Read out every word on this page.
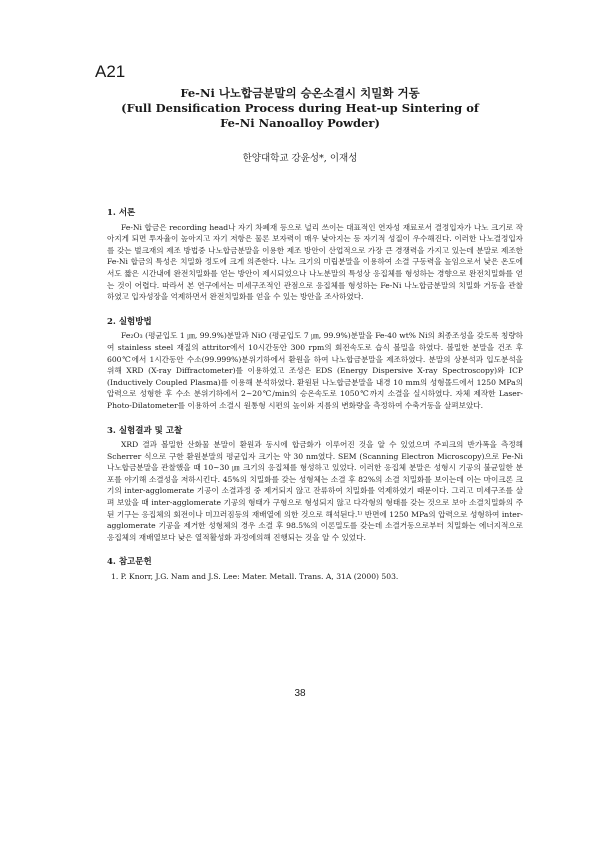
A21
Fe-Ni 나노합금분말의 승온소결시 치밀화 거동
(Full Densification Process during Heat-up Sintering of
Fe-Ni Nanoalloy Powder)
한양대학교 강윤성*, 이재성
1. 서론

Fe-Ni 합금은 recording head나 자기 차폐재 등으로 널리 쓰이는 대표적인 연자성 재료로서 결정입자가 나노 크기로 작아지게 되면 투자율이 높아지고 자기 저항은 물론 보자력이 매우 낮아지는 등 자기적 성질이 우수해진다. 이러한 나노결정입자를 갖는 벌크재의 제조 방법중 나노합금분말을 이용한 제조 방안이 산업적으로 가장 큰 경쟁력을 가지고 있는데 분말로 제조한 Fe-Ni 합금의 특성은 치밀화 정도에 크게 의존한다. 나노 크기의 미립분말을 이용하여 소결 구동력을 높임으로서 낮은 온도에서도 짧은 시간내에 완전치밀화를 얻는 방안이 제시되었으나 나노분말의 특성상 응집체를 형성하는 경향으로 완전치밀화를 얻는 것이 어렵다. 따라서 본 연구에서는 미세구조적인 관점으로 응집체를 형성하는 Fe-Ni 나노합금분말의 치밀화 거동을 관찰하였고 입자성장을 억제하면서 완전치밀화를 얻을 수 있는 방안을 조사하였다.

2. 실험방법

Fe₂O₃ (평균입도 1 ㎛, 99.9%)분말과 NiO (평균입도 7 ㎛, 99.9%)분말을 Fe-40 wt% Ni의 최종조성을 갖도록 칭량하여 stainless steel 재질의 attritor에서 10시간동안 300 rpm의 회전속도로 습식 볼밀을 하였다. 볼밀한 분말을 건조 후 600℃에서 1시간동안 수소(99.999%)분위기하에서 환원을 하여 나노합금분말을 제조하였다. 분말의 상분석과 입도분석을 위해 XRD (X-ray Diffractometer)를 이용하였고 조성은 EDS (Energy Dispersive X-ray Spectroscopy)와 ICP (Inductively Coupled Plasma)를 이용해 분석하였다. 환원된 나노합금분말을 내경 10 mm의 성형몰드에서 1250 MPa의 압력으로 성형한 후 수소 분위기하에서 2~20℃/min의 승온속도로 1050℃까지 소결을 실시하였다. 자체 제작한 Laser-Photo-Dilatometer를 이용하여 소결시 원통형 시편의 높이와 지름의 변화량을 측정하여 수축거동을 살펴보았다.

3. 실험결과 및 고찰

XRD 결과 볼밀한 산화물 분말이 환원과 동시에 합금화가 이루어진 것을 알 수 있었으며 주피크의 반가폭을 측정해 Scherrer 식으로 구한 환원분말의 평균입자 크기는 약 30 nm였다. SEM (Scanning Electron Microscopy)으로 Fe-Ni 나노합금분말을 관찰했을 때 10~30 ㎛ 크기의 응집체를 형성하고 있었다. 이러한 응집체 분말은 성형시 기공의 불균일한 분포를 야기해 소결성을 저하시킨다. 45%의 치밀화를 갖는 성형체는 소결 후 82%의 소결 치밀화를 보이는데 이는 마이크론 크기의 inter-agglomerate 기공이 소결과정 중 제거되지 않고 잔류하여 치밀화를 억제하였기 때문이다. 그리고 미세구조를 살펴 보았을 때 inter-agglomerate 기공의 형태가 구형으로 형성되지 않고 다각형의 형태를 갖는 것으로 보아 소결치밀화의 주된 기구는 응집체의 회전이나 미끄러짐등의 재배열에 의한 것으로 해석된다.¹⁾ 반면에 1250 MPa의 압력으로 성형하여 inter-agglomerate 기공을 제거한 성형체의 경우 소결 후 98.5%의 이론밀도를 갖는데 소결거동으로부터 치밀화는 에너지적으로 응집체의 재배열보다 낮은 열적활성화 과정에의해 진행되는 것을 알 수 있었다.

4. 참고문헌

1. P. Knorr, J.G. Nam and J.S. Lee: Mater. Metall. Trans. A, 31A (2000) 503.

38
